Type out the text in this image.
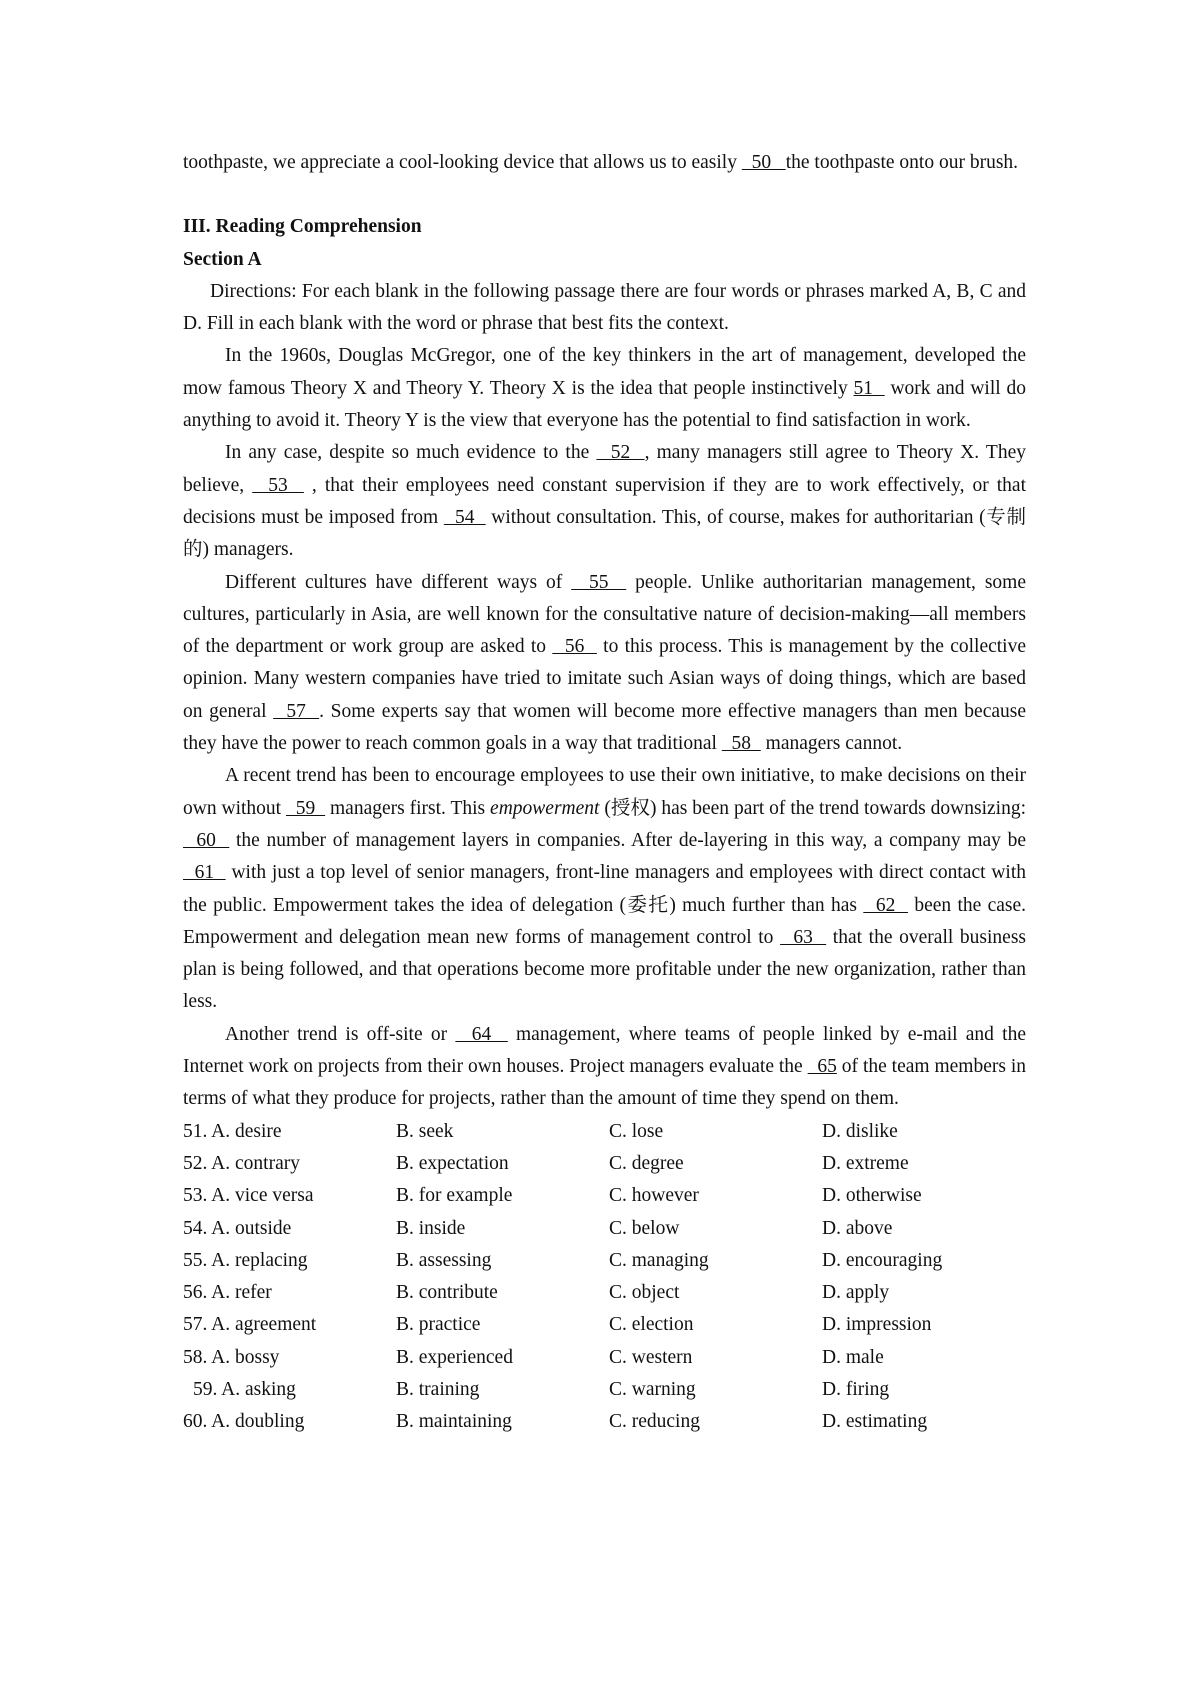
toothpaste, we appreciate a cool-looking device that allows us to easily   50   the toothpaste onto our brush.

III. Reading Comprehension

Section A

Directions: For each blank in the following passage there are four words or phrases marked A, B, C and D. Fill in each blank with the word or phrase that best fits the context.

In the 1960s, Douglas McGregor, one of the key thinkers in the art of management, developed the mow famous Theory X and Theory Y. Theory X is the idea that people instinctively 51   work and will do anything to avoid it. Theory Y is the view that everyone has the potential to find satisfaction in work.

In any case, despite so much evidence to the   52  , many managers still agree to Theory X. They believe,   53   , that their employees need constant supervision if they are to work effectively, or that decisions must be imposed from   54   without consultation. This, of course, makes for authoritarian (专制的) managers.

Different cultures have different ways of   55   people. Unlike authoritarian management, some cultures, particularly in Asia, are well known for the consultative nature of decision-making—all members of the department or work group are asked to   56   to this process. This is management by the collective opinion. Many western companies have tried to imitate such Asian ways of doing things, which are based on general   57  . Some experts say that women will become more effective managers than men because they have the power to reach common goals in a way that traditional   58   managers cannot.

A recent trend has been to encourage employees to use their own initiative, to make decisions on their own without   59   managers first. This empowerment (授权) has been part of the trend towards downsizing:   60   the number of management layers in companies. After de-layering in this way, a company may be   61   with just a top level of senior managers, front-line managers and employees with direct contact with the public. Empowerment takes the idea of delegation (委托) much further than has   62   been the case. Empowerment and delegation mean new forms of management control to   63   that the overall business plan is being followed, and that operations become more profitable under the new organization, rather than less.

Another trend is off-site or   64   management, where teams of people linked by e-mail and the Internet work on projects from their own houses. Project managers evaluate the   65 of the team members in terms of what they produce for projects, rather than the amount of time they spend on them.

51. A. desire	B. seek	C. lose	D. dislike
52. A. contrary	B. expectation	C. degree	D. extreme
53. A. vice versa	B. for example	C. however	D. otherwise
54. A. outside	B. inside	C. below	D. above
55. A. replacing	B. assessing	C. managing	D. encouraging
56. A. refer	B. contribute	C. object	D. apply
57. A. agreement	B. practice	C. election	D. impression
58. A. bossy	B. experienced	C. western	D. male
59. A. asking	B. training	C. warning	D. firing
60. A. doubling	B. maintaining	C. reducing	D. estimating
